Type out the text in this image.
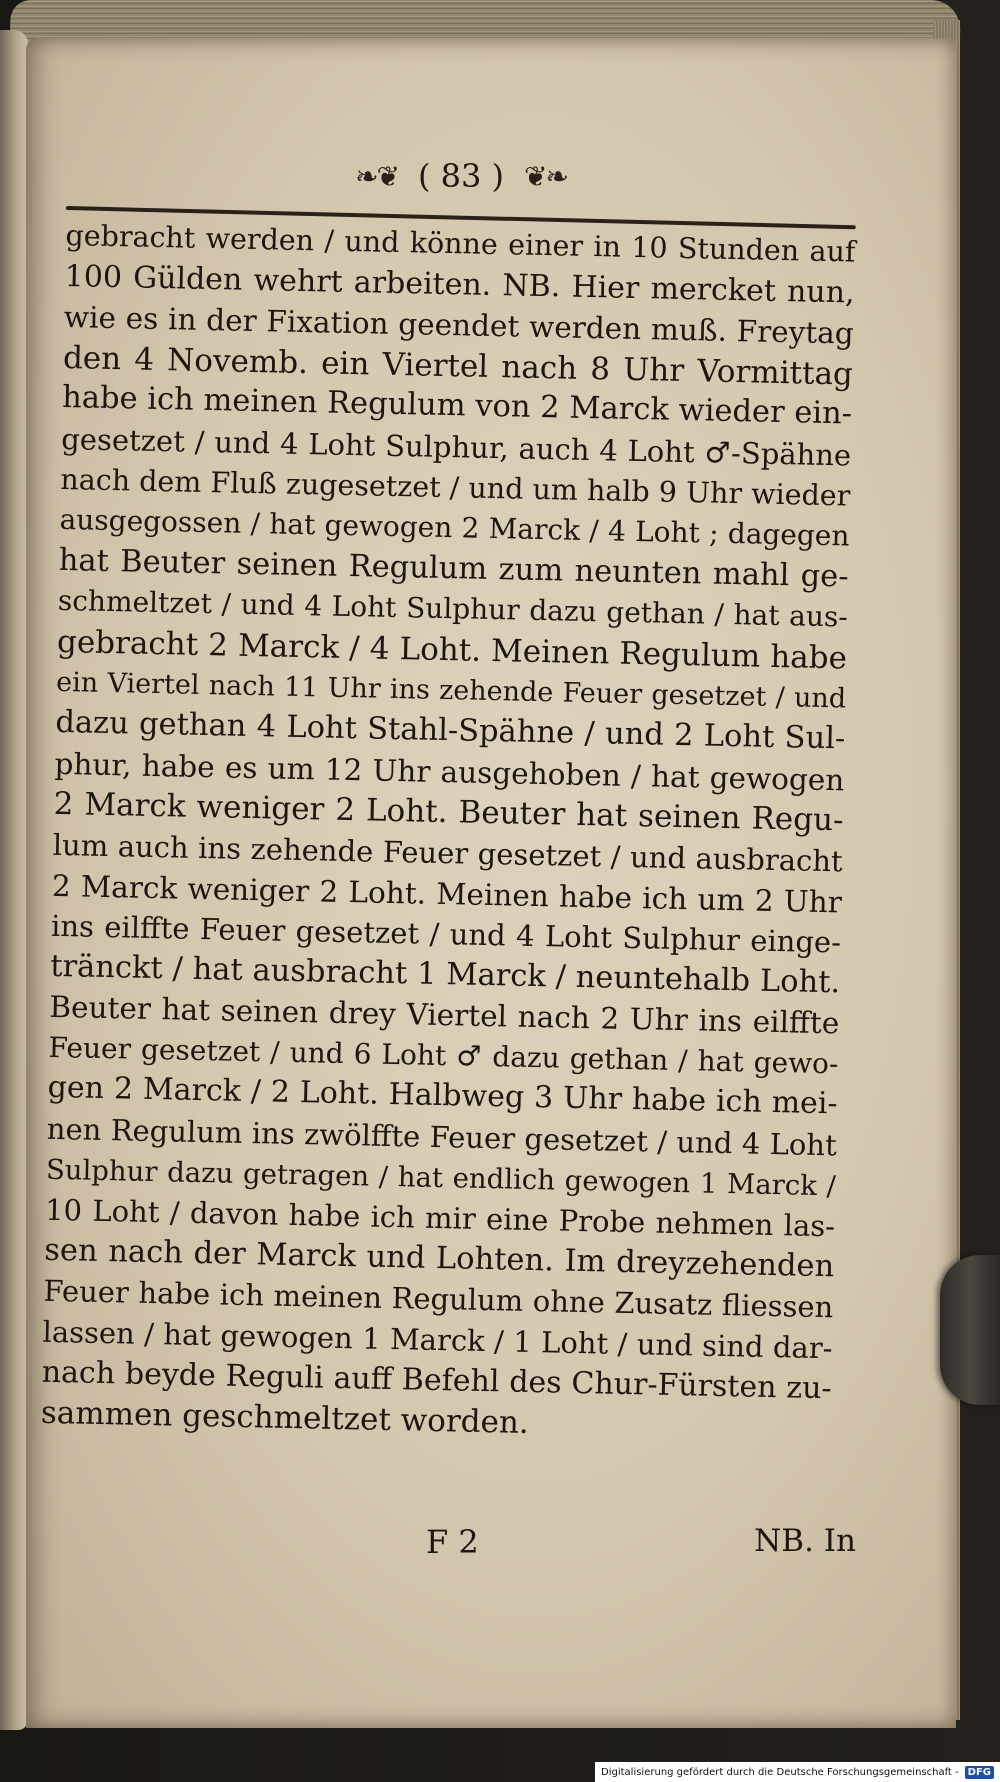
❧❦ ( 83 ) ❦❧
gebracht werden / und könne einer in 10 Stunden auf
100 Gülden wehrt arbeiten. NB. Hier mercket nun,
wie es in der Fixation geendet werden muß. Freytag
den 4 Novemb. ein Viertel nach 8 Uhr Vormittag
habe ich meinen Regulum von 2 Marck wieder ein-
gesetzet / und 4 Loht Sulphur, auch 4 Loht ♂-Spähne
nach dem Fluß zugesetzet / und um halb 9 Uhr wieder
ausgegossen / hat gewogen 2 Marck / 4 Loht ; dagegen
hat Beuter seinen Regulum zum neunten mahl ge-
schmeltzet / und 4 Loht Sulphur dazu gethan / hat aus-
gebracht 2 Marck / 4 Loht. Meinen Regulum habe
ein Viertel nach 11 Uhr ins zehende Feuer gesetzet / und
dazu gethan 4 Loht Stahl-Spähne / und 2 Loht Sul-
phur, habe es um 12 Uhr ausgehoben / hat gewogen
2 Marck weniger 2 Loht. Beuter hat seinen Regu-
lum auch ins zehende Feuer gesetzet / und ausbracht
2 Marck weniger 2 Loht. Meinen habe ich um 2 Uhr
ins eilffte Feuer gesetzet / und 4 Loht Sulphur einge-
tränckt / hat ausbracht 1 Marck / neuntehalb Loht.
Beuter hat seinen drey Viertel nach 2 Uhr ins eilffte
Feuer gesetzet / und 6 Loht ♂ dazu gethan / hat gewo-
gen 2 Marck / 2 Loht. Halbweg 3 Uhr habe ich mei-
nen Regulum ins zwölffte Feuer gesetzet / und 4 Loht
Sulphur dazu getragen / hat endlich gewogen 1 Marck /
10 Loht / davon habe ich mir eine Probe nehmen las-
sen nach der Marck und Lohten. Im dreyzehenden
Feuer habe ich meinen Regulum ohne Zusatz fliessen
lassen / hat gewogen 1 Marck / 1 Loht / und sind dar-
nach beyde Reguli auff Befehl des Chur-Fürsten zu-
sammen geschmeltzet worden.
F 2	NB. In
Digitalisierung gefördert durch die Deutsche Forschungsgemeinschaft - DFG
